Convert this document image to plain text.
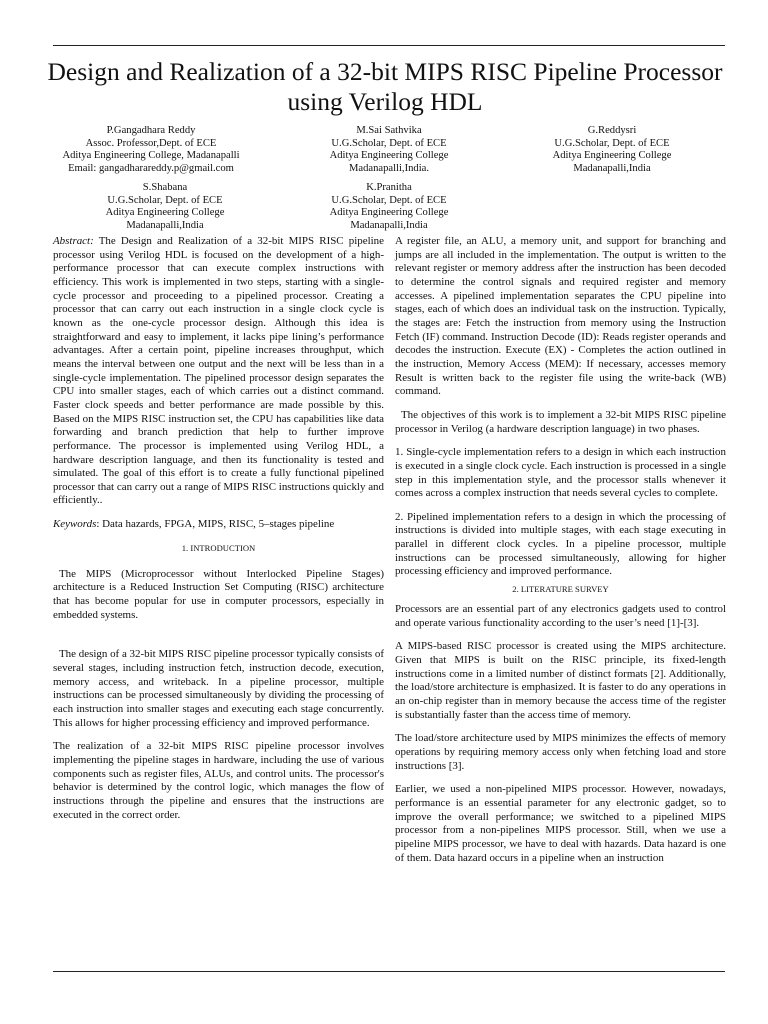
Design and Realization of a 32-bit MIPS RISC Pipeline Processor using Verilog HDL
P.Gangadhara Reddy
Assoc. Professor,Dept. of ECE
Aditya Engineering College, Madanapalli
Email: gangadharareddy.p@gmail.com
M.Sai Sathvika
U.G.Scholar, Dept. of ECE
Aditya Engineering College
Madanapalli,India.
G.Reddysri
U.G.Scholar, Dept. of ECE
Aditya Engineering College
Madanapalli,India
S.Shabana
U.G.Scholar, Dept. of ECE
Aditya Engineering College
Madanapalli,India
K.Pranitha
U.G.Scholar, Dept. of ECE
Aditya Engineering College
Madanapalli,India

Abstract: The Design and Realization of a 32-bit MIPS RISC pipeline processor using Verilog HDL is focused on the development of a high-performance processor that can execute complex instructions with efficiency. This work is implemented in two steps, starting with a single-cycle processor and proceeding to a pipelined processor. Creating a processor that can carry out each instruction in a single clock cycle is known as the one-cycle processor design. Although this idea is straightforward and easy to implement, it lacks pipe lining’s performance advantages. After a certain point, pipeline increases throughput, which means the interval between one output and the next will be less than in a single-cycle implementation. The pipelined processor design separates the CPU into smaller stages, each of which carries out a distinct command. Faster clock speeds and better performance are made possible by this. Based on the MIPS RISC instruction set, the CPU has capabilities like data forwarding and branch prediction that help to further improve performance. The processor is implemented using Verilog HDL, a hardware description language, and then its functionality is tested and simulated. The goal of this effort is to create a fully functional pipelined processor that can carry out a range of MIPS RISC instructions quickly and efficiently..

Keywords: Data hazards, FPGA, MIPS, RISC, 5–stages pipeline

1. INTRODUCTION

The MIPS (Microprocessor without Interlocked Pipeline Stages) architecture is a Reduced Instruction Set Computing (RISC) architecture that has become popular for use in computer processors, especially in embedded systems.

The design of a 32-bit MIPS RISC pipeline processor typically consists of several stages, including instruction fetch, instruction decode, execution, memory access, and writeback. In a pipeline processor, multiple instructions can be processed simultaneously by dividing the processing of each instruction into smaller stages and executing each stage concurrently. This allows for higher processing efficiency and improved performance.

The realization of a 32-bit MIPS RISC pipeline processor involves implementing the pipeline stages in hardware, including the use of various components such as register files, ALUs, and control units. The processor's behavior is determined by the control logic, which manages the flow of instructions through the pipeline and ensures that the instructions are executed in the correct order.

A register file, an ALU, a memory unit, and support for branching and jumps are all included in the implementation. The output is written to the relevant register or memory address after the instruction has been decoded to determine the control signals and required register and memory accesses. A pipelined implementation separates the CPU pipeline into stages, each of which does an individual task on the instruction. Typically, the stages are: Fetch the instruction from memory using the Instruction Fetch (IF) command. Instruction Decode (ID): Reads register operands and decodes the instruction. Execute (EX) - Completes the action outlined in the instruction, Memory Access (MEM): If necessary, accesses memory Result is written back to the register file using the write-back (WB) command.

The objectives of this work is to implement a 32-bit MIPS RISC pipeline processor in Verilog (a hardware description language) in two phases.

1. Single-cycle implementation refers to a design in which each instruction is executed in a single clock cycle. Each instruction is processed in a single step in this implementation style, and the processor stalls whenever it comes across a complex instruction that needs several cycles to complete.

2. Pipelined implementation refers to a design in which the processing of instructions is divided into multiple stages, with each stage executing in parallel in different clock cycles. In a pipeline processor, multiple instructions can be processed simultaneously, allowing for higher processing efficiency and improved performance.

2. LITERATURE SURVEY

Processors are an essential part of any electronics gadgets used to control and operate various functionality according to the user’s need [1]-[3].

A MIPS-based RISC processor is created using the MIPS architecture. Given that MIPS is built on the RISC principle, its fixed-length instructions come in a limited number of distinct formats [2]. Additionally, the load/store architecture is emphasized. It is faster to do any operations in an on-chip register than in memory because the access time of the register is substantially faster than the access time of memory.

The load/store architecture used by MIPS minimizes the effects of memory operations by requiring memory access only when fetching load and store instructions [3].

Earlier, we used a non-pipelined MIPS processor. However, nowadays, performance is an essential parameter for any electronic gadget, so to improve the overall performance; we switched to a pipelined MIPS processor from a non-pipelines MIPS processor. Still, when we use a pipeline MIPS processor, we have to deal with hazards. Data hazard is one of them. Data hazard occurs in a pipeline when an instruction
